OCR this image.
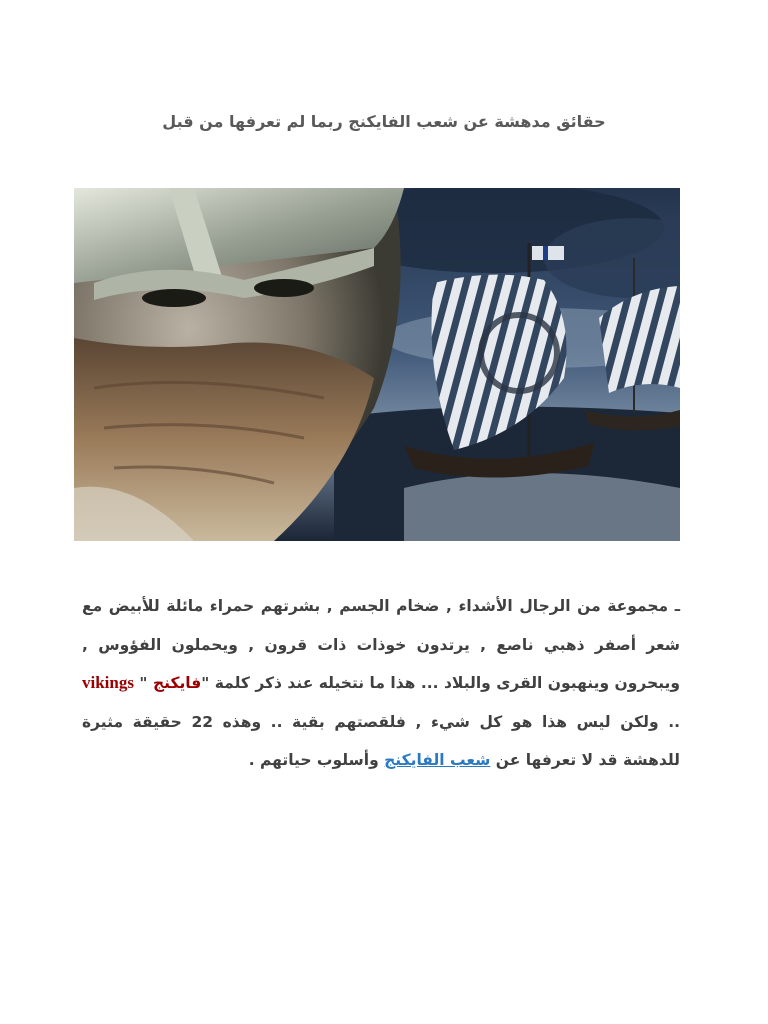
حقائق مدهشة عن شعب الفايكنج ربما لم تعرفها من قبل
ـ مجموعة من الرجال الأشداء , ضخام الجسم , بشرتهم حمراء مائلة للأبيض مع شعر أصفر ذهبي ناصع , يرتدون خوذات ذات قرون , ويحملون الفؤوس , ويبحرون وينهبون القرى والبلاد ... هذا ما نتخيله عند ذكر كلمة "فايكنج " vikings .. ولكن ليس هذا هو كل شيء , فلقصتهم بقية .. وهذه 22 حقيقة مثيرة للدهشة قد لا تعرفها عن شعب الفايكنج وأسلوب حياتهم .
